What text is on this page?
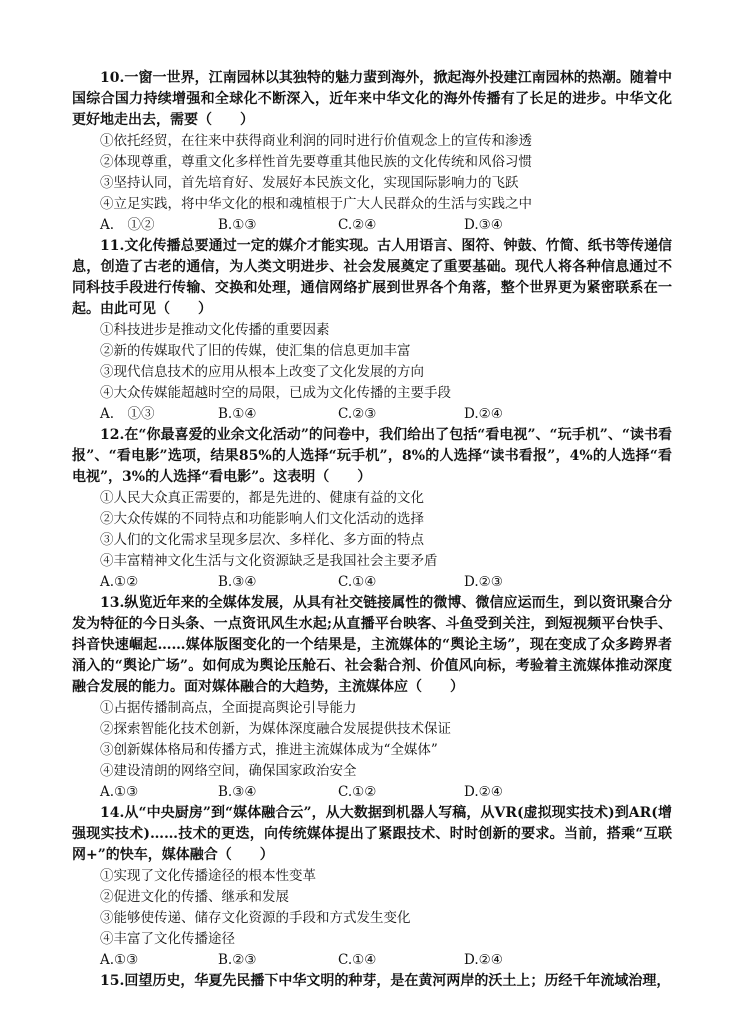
10.一窗一世界，江南园林以其独特的魅力蜚到海外，掀起海外投建江南园林的热潮。随着中国综合国力持续增强和全球化不断深入，近年来中华文化的海外传播有了长足的进步。中华文化更好地走出去，需要（　　）

①依托经贸，在往来中获得商业利润的同时进行价值观念上的宣传和渗透

②体现尊重，尊重文化多样性首先要尊重其他民族的文化传统和风俗习惯

③坚持认同，首先培育好、发展好本民族文化，实现国际影响力的飞跃

④立足实践，将中华文化的根和魂植根于广大人民群众的生活与实践之中

A.　①②	B.①③	C.②④	D.③④

11.文化传播总要通过一定的媒介才能实现。古人用语言、图符、钟鼓、竹简、纸书等传递信息，创造了古老的通信，为人类文明进步、社会发展奠定了重要基础。现代人将各种信息通过不同科技手段进行传输、交换和处理，通信网络扩展到世界各个角落，整个世界更为紧密联系在一起。由此可见（　　）

①科技进步是推动文化传播的重要因素

②新的传媒取代了旧的传媒，使汇集的信息更加丰富

③现代信息技术的应用从根本上改变了文化发展的方向

④大众传媒能超越时空的局限，已成为文化传播的主要手段

A.　①③	B.①④	C.②③	D.②④

12.在“你最喜爱的业余文化活动”的问卷中，我们给出了包括“看电视”、“玩手机”、“读书看报”、“看电影”选项，结果85%的人选择“玩手机”，8%的人选择“读书看报”，4%的人选择“看电视”，3%的人选择“看电影”。这表明（　　）

①人民大众真正需要的，都是先进的、健康有益的文化

②大众传媒的不同特点和功能影响人们文化活动的选择

③人们的文化需求呈现多层次、多样化、多方面的特点

④丰富精神文化生活与文化资源缺乏是我国社会主要矛盾

A.①②	B.③④	C.①④	D.②③

13.纵览近年来的全媒体发展，从具有社交链接属性的微博、微信应运而生，到以资讯聚合分发为特征的今日头条、一点资讯风生水起;从直播平台映客、斗鱼受到关注，到短视频平台快手、抖音快速崛起……媒体版图变化的一个结果是，主流媒体的“舆论主场”，现在变成了众多跨界者涌入的“舆论广场”。如何成为舆论压舱石、社会黏合剂、价值风向标，考验着主流媒体推动深度融合发展的能力。面对媒体融合的大趋势，主流媒体应（　　）

①占据传播制高点，全面提高舆论引导能力

②探索智能化技术创新，为媒体深度融合发展提供技术保证

③创新媒体格局和传播方式，推进主流媒体成为“全媒体”

④建设清朗的网络空间，确保国家政治安全

A.①③	B.③④	C.①②	D.②④

14.从“中央厨房”到“媒体融合云”，从大数据到机器人写稿，从VR(虚拟现实技术)到AR(增强现实技术)……技术的更迭，向传统媒体提出了紧跟技术、时时创新的要求。当前，搭乘“互联网+”的快车，媒体融合（　　）

①实现了文化传播途径的根本性变革

②促进文化的传播、继承和发展

③能够使传递、储存文化资源的手段和方式发生变化

④丰富了文化传播途径

A.①③	B.②③	C.①④	D.②④

15.回望历史，华夏先民播下中华文明的种芽，是在黄河两岸的沃土上；历经千年流域治理，
